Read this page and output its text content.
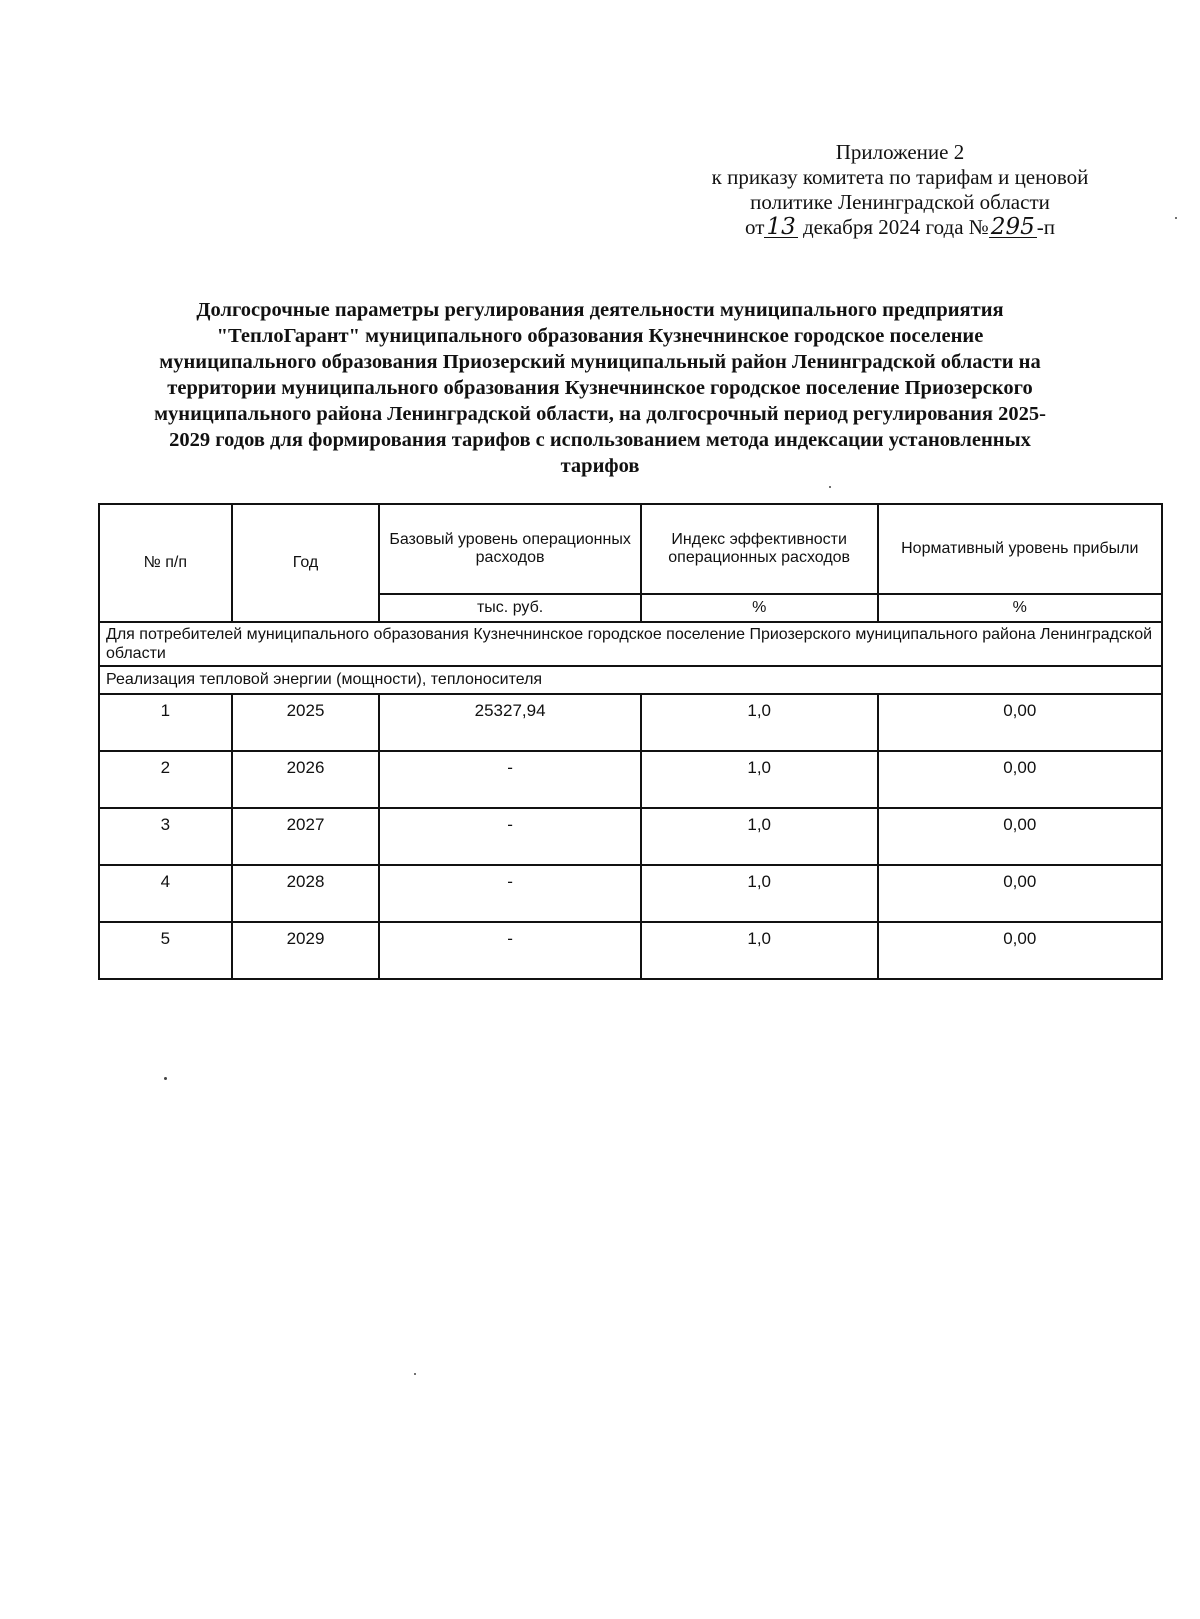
Приложение 2
к приказу комитета по тарифам и ценовой
политике Ленинградской области
от13 декабря 2024 года №295-п
Долгосрочные параметры регулирования деятельности муниципального предприятия
"ТеплоГарант" муниципального образования Кузнечнинское городское поселение
муниципального образования Приозерский муниципальный район Ленинградской области на
территории муниципального образования Кузнечнинское городское поселение Приозерского
муниципального района Ленинградской области, на долгосрочный период регулирования 2025-
2029 годов для формирования тарифов с использованием метода индексации установленных
тарифов
№ п/п	Год	Базовый уровень операционных расходов	Индекс эффективности операционных расходов	Нормативный уровень прибыли
		тыс. руб.	%	%
Для потребителей муниципального образования Кузнечнинское городское поселение Приозерского муниципального района Ленинградской области				
Реализация тепловой энергии (мощности), теплоносителя				
1	2025	25327,94	1,0	0,00
2	2026	-	1,0	0,00
3	2027	-	1,0	0,00
4	2028	-	1,0	0,00
5	2029	-	1,0	0,00
